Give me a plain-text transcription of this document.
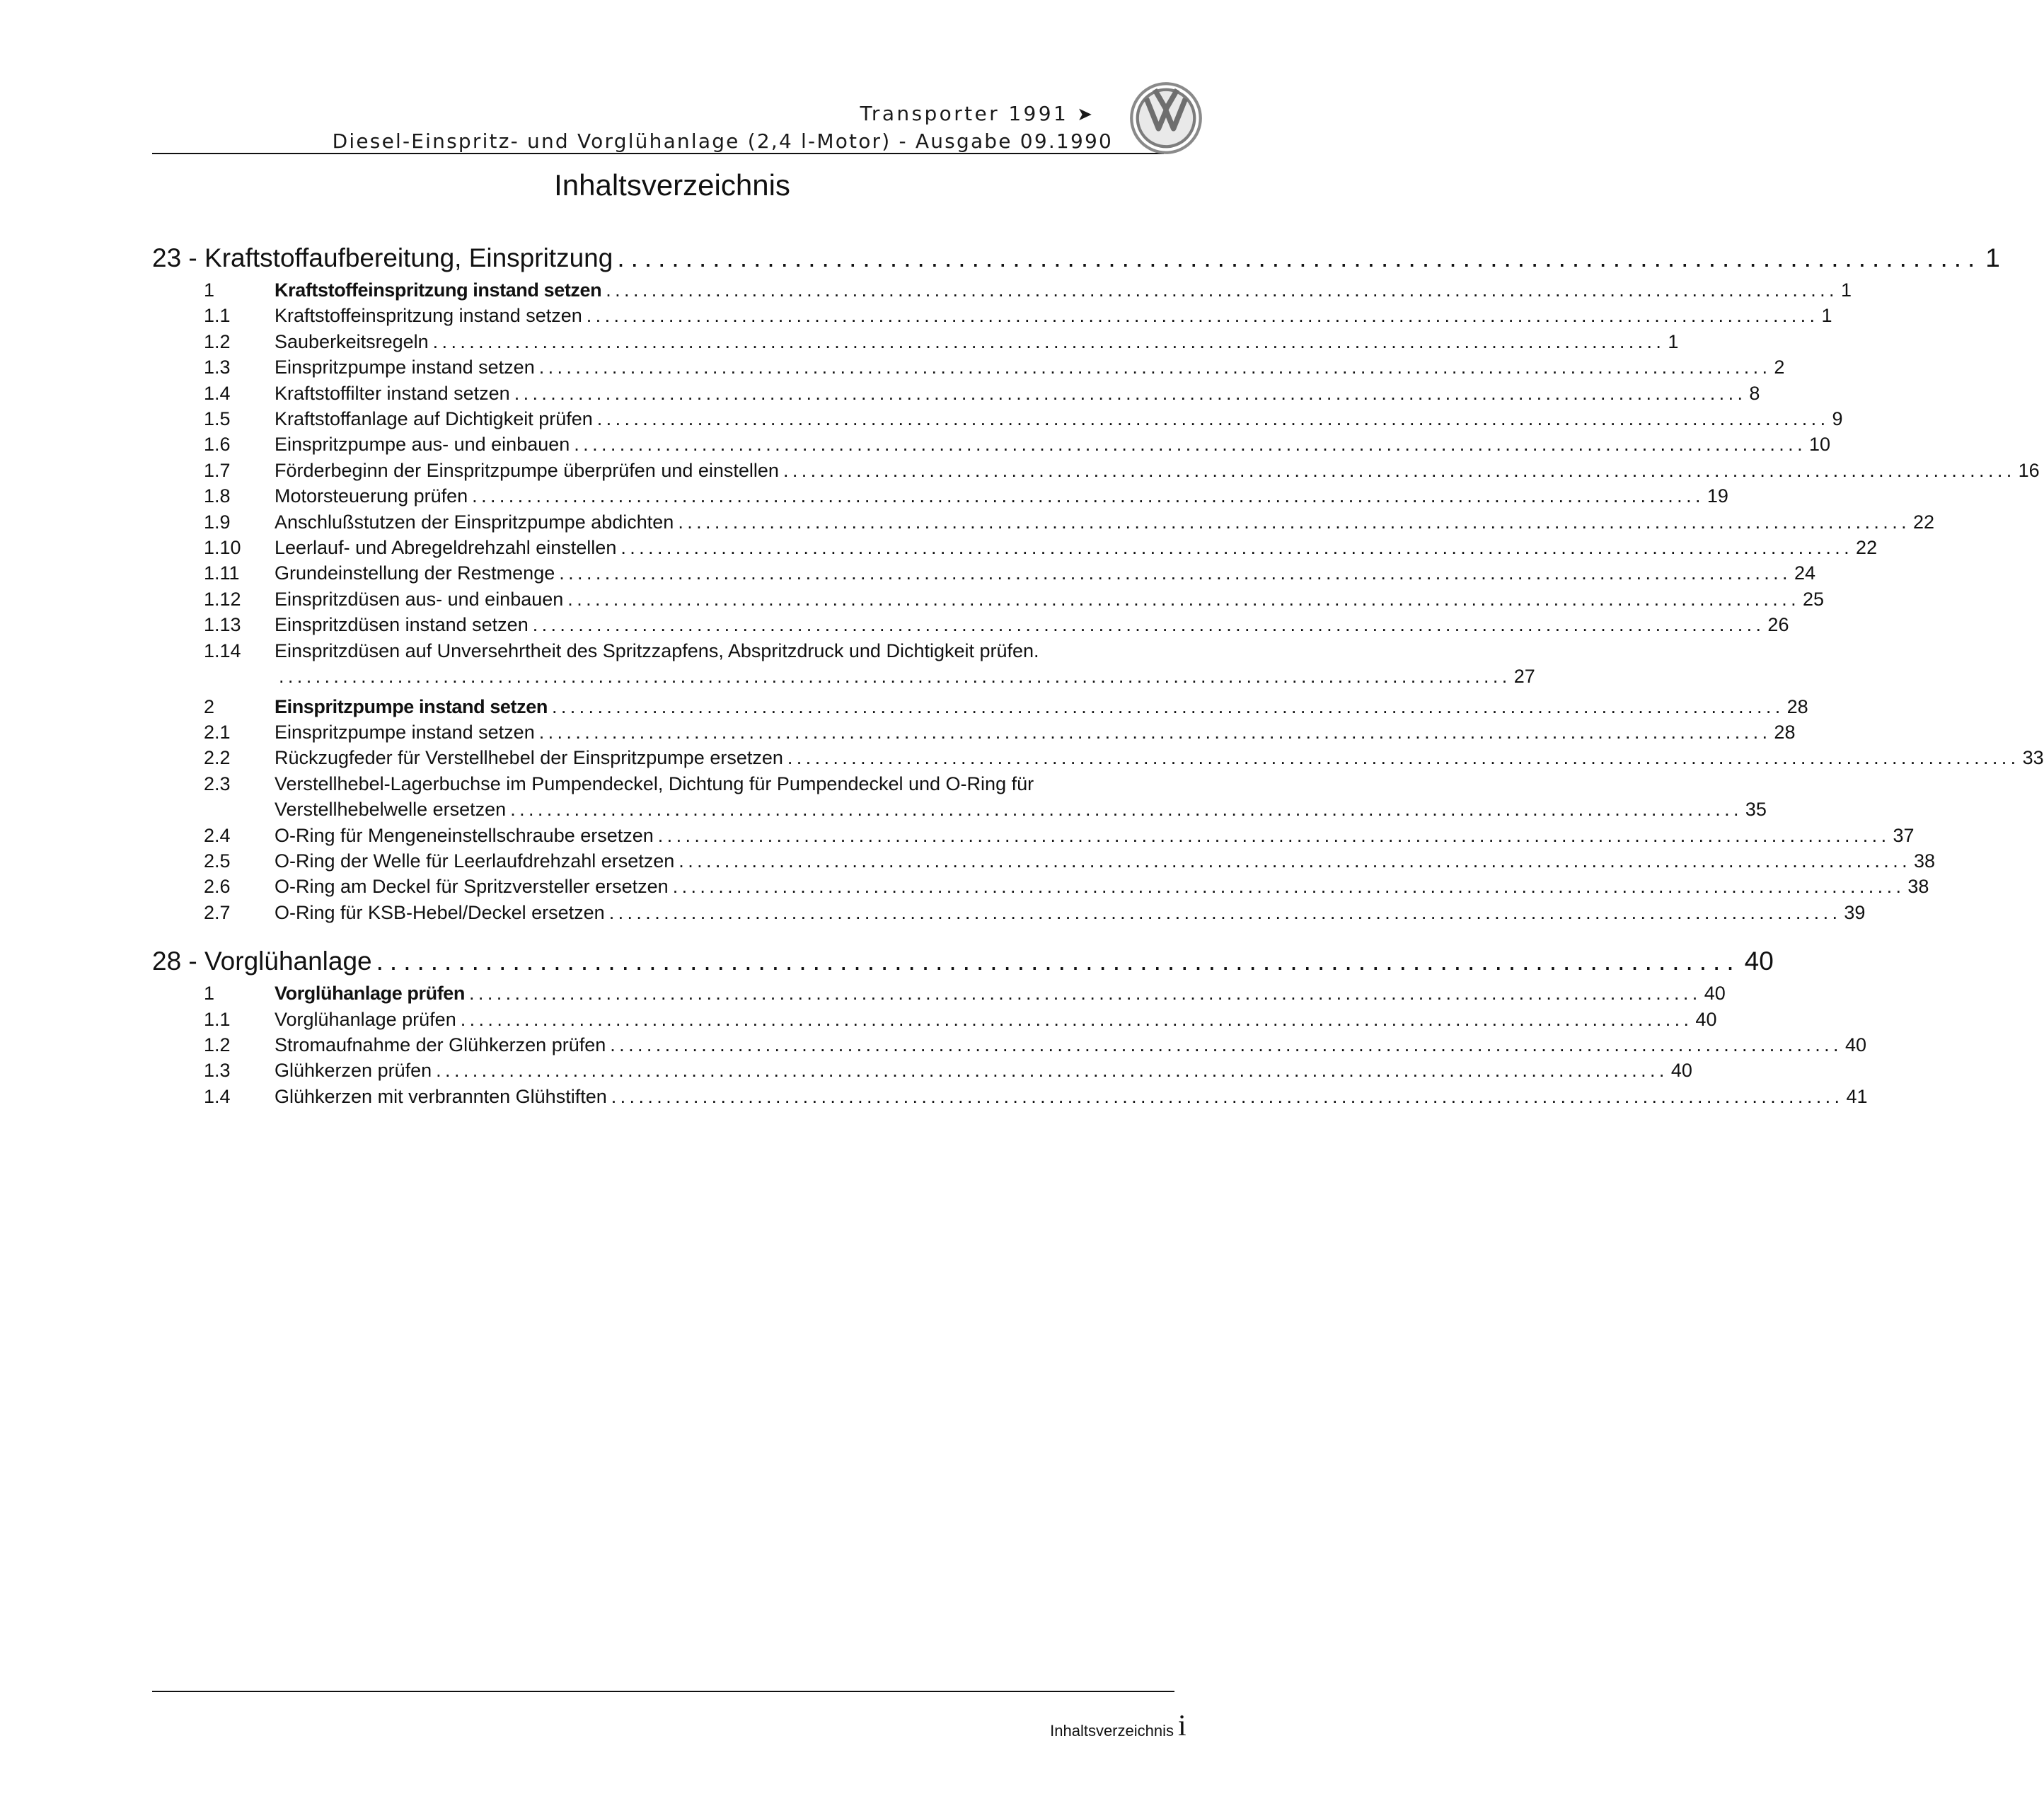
Transporter 1991 ➤
Diesel-Einspritz- und Vorglühanlage (2,4 l-Motor) - Ausgabe 09.1990
Inhaltsverzeichnis
23 - Kraftstoffaufbereitung, Einspritzung .................................................................................................... 1
1	Kraftstoffeinspritzung instand setzen ....................................................................................................................................... 1
1.1	Kraftstoffeinspritzung instand setzen ....................................................................................................................................... 1
1.2	Sauberkeitsregeln ....................................................................................................................................... 1
1.3	Einspritzpumpe instand setzen ....................................................................................................................................... 2
1.4	Kraftstoffilter instand setzen ....................................................................................................................................... 8
1.5	Kraftstoffanlage auf Dichtigkeit prüfen ....................................................................................................................................... 9
1.6	Einspritzpumpe aus- und einbauen ....................................................................................................................................... 10
1.7	Förderbeginn der Einspritzpumpe überprüfen und einstellen ....................................................................................................................................... 16
1.8	Motorsteuerung prüfen ....................................................................................................................................... 19
1.9	Anschlußstutzen der Einspritzpumpe abdichten ....................................................................................................................................... 22
1.10	Leerlauf- und Abregeldrehzahl einstellen ....................................................................................................................................... 22
1.11	Grundeinstellung der Restmenge ....................................................................................................................................... 24
1.12	Einspritzdüsen aus- und einbauen ....................................................................................................................................... 25
1.13	Einspritzdüsen instand setzen ....................................................................................................................................... 26
1.14	Einspritzdüsen auf Unversehrtheit des Spritzzapfens, Abspritzdruck und Dichtigkeit prüfen.
....................................................................................................................................... 27
2	Einspritzpumpe instand setzen ....................................................................................................................................... 28
2.1	Einspritzpumpe instand setzen ....................................................................................................................................... 28
2.2	Rückzugfeder für Verstellhebel der Einspritzpumpe ersetzen ....................................................................................................................................... 33
2.3	Verstellhebel-Lagerbuchse im Pumpendeckel, Dichtung für Pumpendeckel und O-Ring für
Verstellhebelwelle ersetzen ....................................................................................................................................... 35
2.4	O-Ring für Mengeneinstellschraube ersetzen ....................................................................................................................................... 37
2.5	O-Ring der Welle für Leerlaufdrehzahl ersetzen ....................................................................................................................................... 38
2.6	O-Ring am Deckel für Spritzversteller ersetzen ....................................................................................................................................... 38
2.7	O-Ring für KSB-Hebel/Deckel ersetzen ....................................................................................................................................... 39
28 - Vorglühanlage .................................................................................................... 40
1	Vorglühanlage prüfen ....................................................................................................................................... 40
1.1	Vorglühanlage prüfen ....................................................................................................................................... 40
1.2	Stromaufnahme der Glühkerzen prüfen ....................................................................................................................................... 40
1.3	Glühkerzen prüfen ....................................................................................................................................... 40
1.4	Glühkerzen mit verbrannten Glühstiften ....................................................................................................................................... 41
Inhaltsverzeichnis i
